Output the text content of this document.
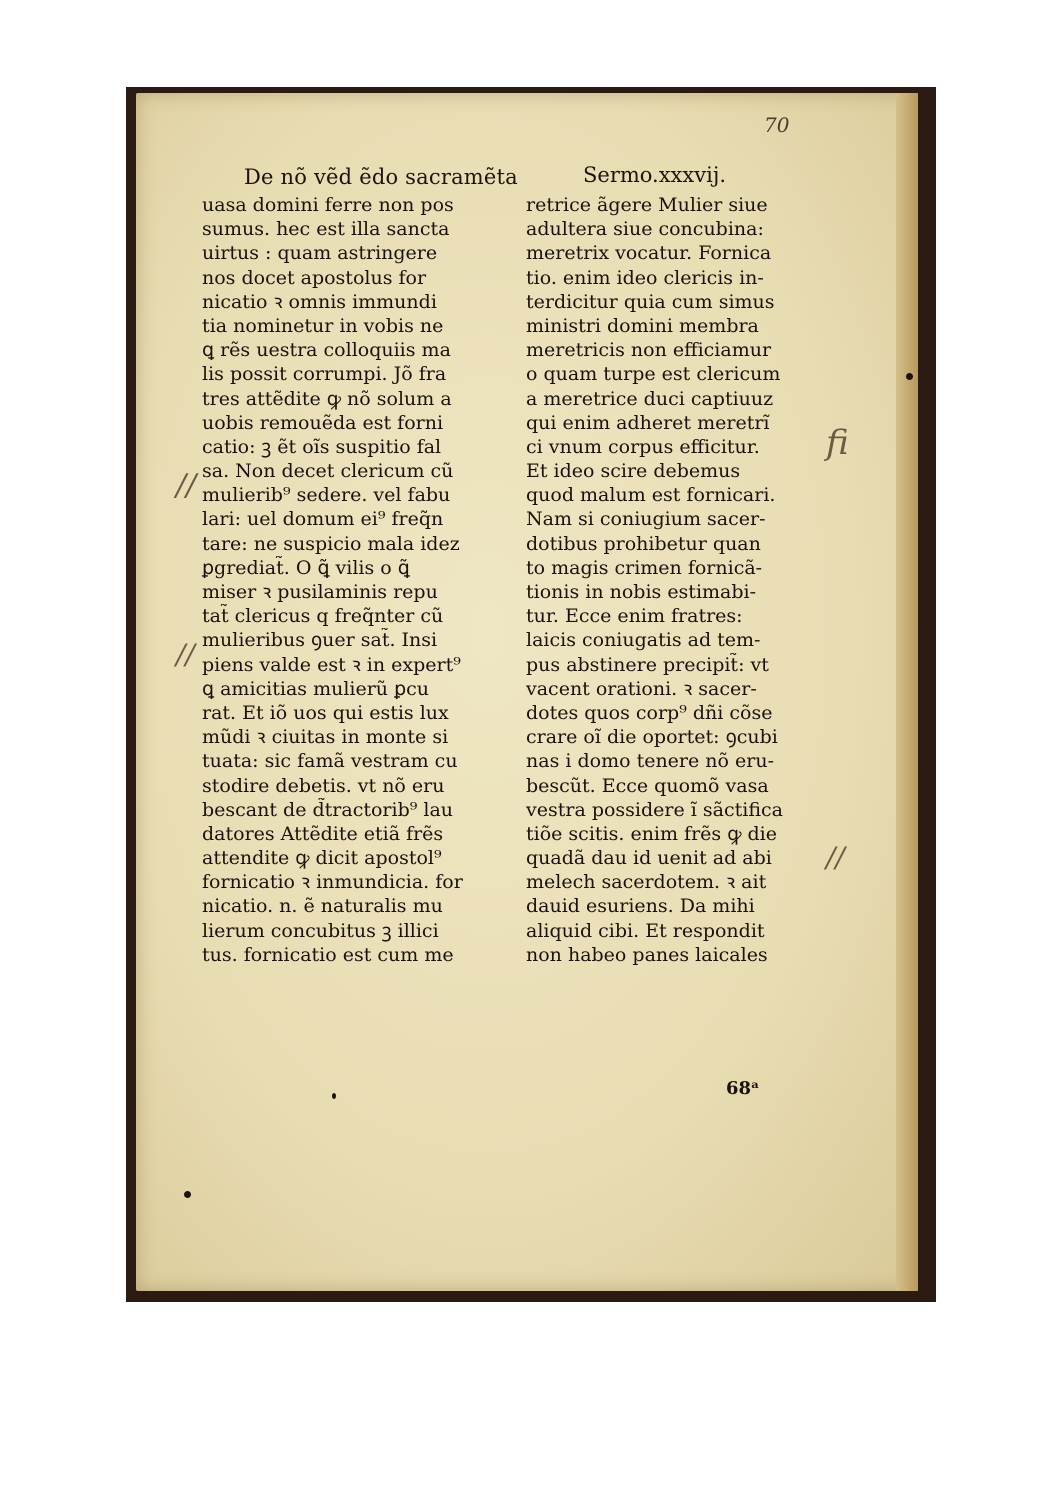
70
De nõ vẽd ẽdo sacramẽta	Sermo.xxxvij.
uasa domini ferre non pos
sumus. hec est illa sancta
uirtus : quam astringere
nos docet apostolus for
nicatio ꝛ omnis immundi
tia nominetur in vobis ne
ꝗ rẽs uestra colloquiis ma
lis possit corrumpi. Jõ fra
tres attẽdite ꝙ nõ solum a
uobis remouẽda est forni
catio: ꝫ ẽt oĩs suspitio fal
sa. Non decet clericum cũ
mulierib⁹ sedere. vel fabu
lari: uel domum ei⁹ freq̃n
tare: ne suspicio mala idez
ꝑgrediat̃. O ꝗ̃ vilis o ꝗ̃
miser ꝛ pusilaminis repu
tat̃ clericus q freq̃nter cũ
mulieribus ꝯuer sat̃. Insi
piens valde est ꝛ in expert⁹
ꝗ amicitias mulierũ ꝑcu
rat. Et iõ uos qui estis lux
mũdi ꝛ ciuitas in monte si
tuata: sic famã vestram cu
stodire debetis. vt nõ eru
bescant de d̃tractorib⁹ lau
datores Attẽdite etiã frẽs
attendite ꝙ dicit apostol⁹
fornicatio ꝛ inmundicia. for
nicatio. n. ẽ naturalis mu
lierum concubitus ꝫ illici
tus. fornicatio est cum me
retrice ãgere Mulier siue
adultera siue concubina:
meretrix vocatur. Fornica
tio. enim ideo clericis in-
terdicitur quia cum simus
ministri domini membra
meretricis non efficiamur
o quam turpe est clericum
a meretrice duci captiuuz
qui enim adheret meretrĩ
ci vnum corpus efficitur.
Et ideo scire debemus
quod malum est fornicari.
Nam si coniugium sacer-
dotibus prohibetur quan
to magis crimen fornicã-
tionis in nobis estimabi-
tur. Ecce enim fratres:
laicis coniugatis ad tem-
pus abstinere precipit̃: vt
vacent orationi. ꝛ sacer-
dotes quos corp⁹ dñi cõse
crare oĩ die oportet: ꝯcubi
nas i domo tenere nõ eru-
bescũt. Ecce quomõ vasa
vestra possidere ĩ sãctifica
tiõe scitis. enim frẽs ꝙ die
quadã dau id uenit ad abi
melech sacerdotem. ꝛ ait
dauid esuriens. Da mihi
aliquid cibi. Et respondit
non habeo panes laicales
68ᵃ
fi
//
//
//
